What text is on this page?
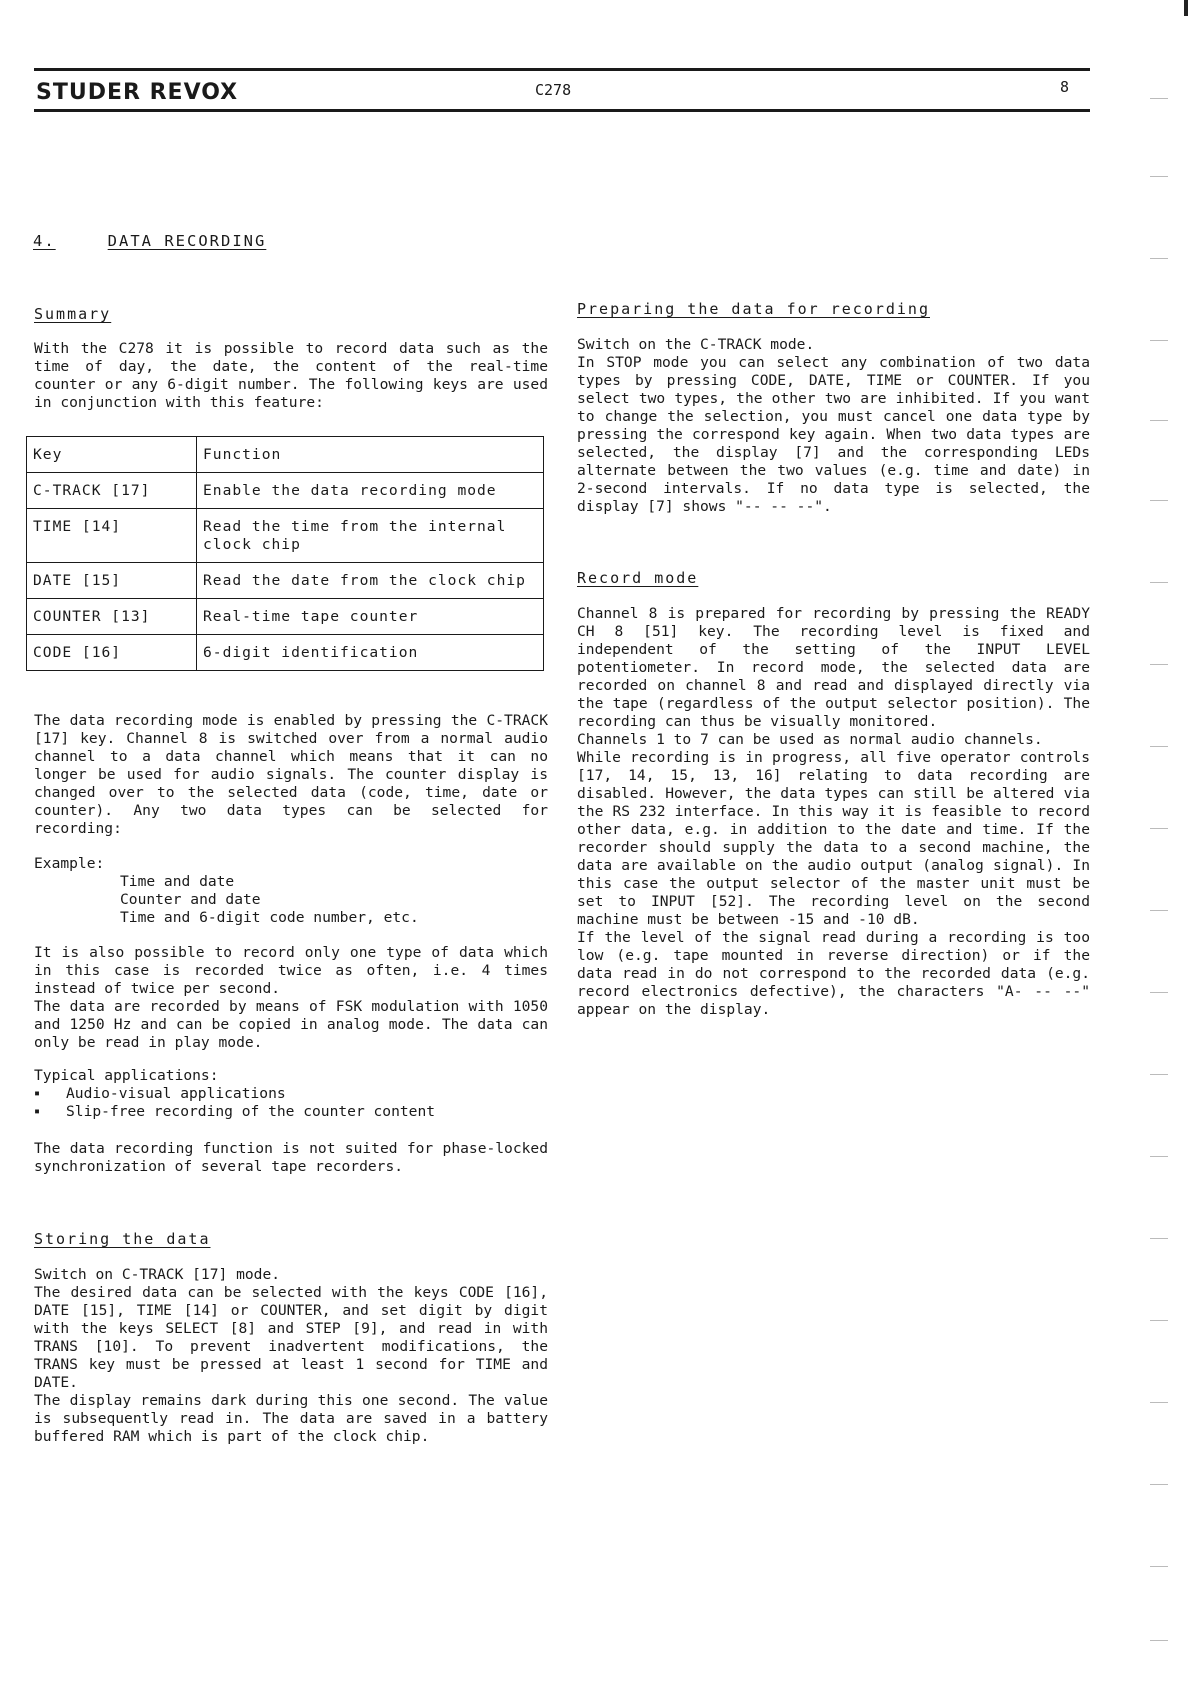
STUDER REVOX	C278	8
4.	DATA RECORDING
Summary
With the C278 it is possible to record data such as the time of day, the date, the content of the real-time counter or any 6-digit number. The following keys are used in conjunction with this feature:
Key	Function
C-TRACK [17]	Enable the data recording mode
TIME [14]	Read the time from the internal clock chip
DATE [15]	Read the date from the clock chip
COUNTER [13]	Real-time tape counter
CODE [16]	6-digit identification
The data recording mode is enabled by pressing the C-TRACK [17] key. Channel 8 is switched over from a normal audio channel to a data channel which means that it can no longer be used for audio signals. The counter display is changed over to the selected data (code, time, date or counter). Any two data types can be selected for recording:
Example:
Time and date
Counter and date
Time and 6-digit code number, etc.
It is also possible to record only one type of data which in this case is recorded twice as often, i.e. 4 times instead of twice per second.
The data are recorded by means of FSK modulation with 1050 and 1250 Hz and can be copied in analog mode. The data can only be read in play mode.
Typical applications:
▪ Audio-visual applications
▪ Slip-free recording of the counter content
The data recording function is not suited for phase-locked synchronization of several tape recorders.
Storing the data
Switch on C-TRACK [17] mode.
The desired data can be selected with the keys CODE [16], DATE [15], TIME [14] or COUNTER, and set digit by digit with the keys SELECT [8] and STEP [9], and read in with TRANS [10]. To prevent inadvertent modifications, the TRANS key must be pressed at least 1 second for TIME and DATE.
The display remains dark during this one second. The value is subsequently read in. The data are saved in a battery buffered RAM which is part of the clock chip.
Preparing the data for recording
Switch on the C-TRACK mode.
In STOP mode you can select any combination of two data types by pressing CODE, DATE, TIME or COUNTER. If you select two types, the other two are inhibited. If you want to change the selection, you must cancel one data type by pressing the correspond key again. When two data types are selected, the display [7] and the corresponding LEDs alternate between the two values (e.g. time and date) in 2-second intervals. If no data type is selected, the display [7] shows "-- -- --".
Record mode
Channel 8 is prepared for recording by pressing the READY CH 8 [51] key. The recording level is fixed and independent of the setting of the INPUT LEVEL potentiometer. In record mode, the selected data are recorded on channel 8 and read and displayed directly via the tape (regardless of the output selector position). The recording can thus be visually monitored.
Channels 1 to 7 can be used as normal audio channels.
While recording is in progress, all five operator controls [17, 14, 15, 13, 16] relating to data recording are disabled. However, the data types can still be altered via the RS 232 interface. In this way it is feasible to record other data, e.g. in addition to the date and time. If the recorder should supply the data to a second machine, the data are available on the audio output (analog signal). In this case the output selector of the master unit must be set to INPUT [52]. The recording level on the second machine must be between -15 and -10 dB.
If the level of the signal read during a recording is too low (e.g. tape mounted in reverse direction) or if the data read in do not correspond to the recorded data (e.g. record electronics defective), the characters "A- -- --" appear on the display.
